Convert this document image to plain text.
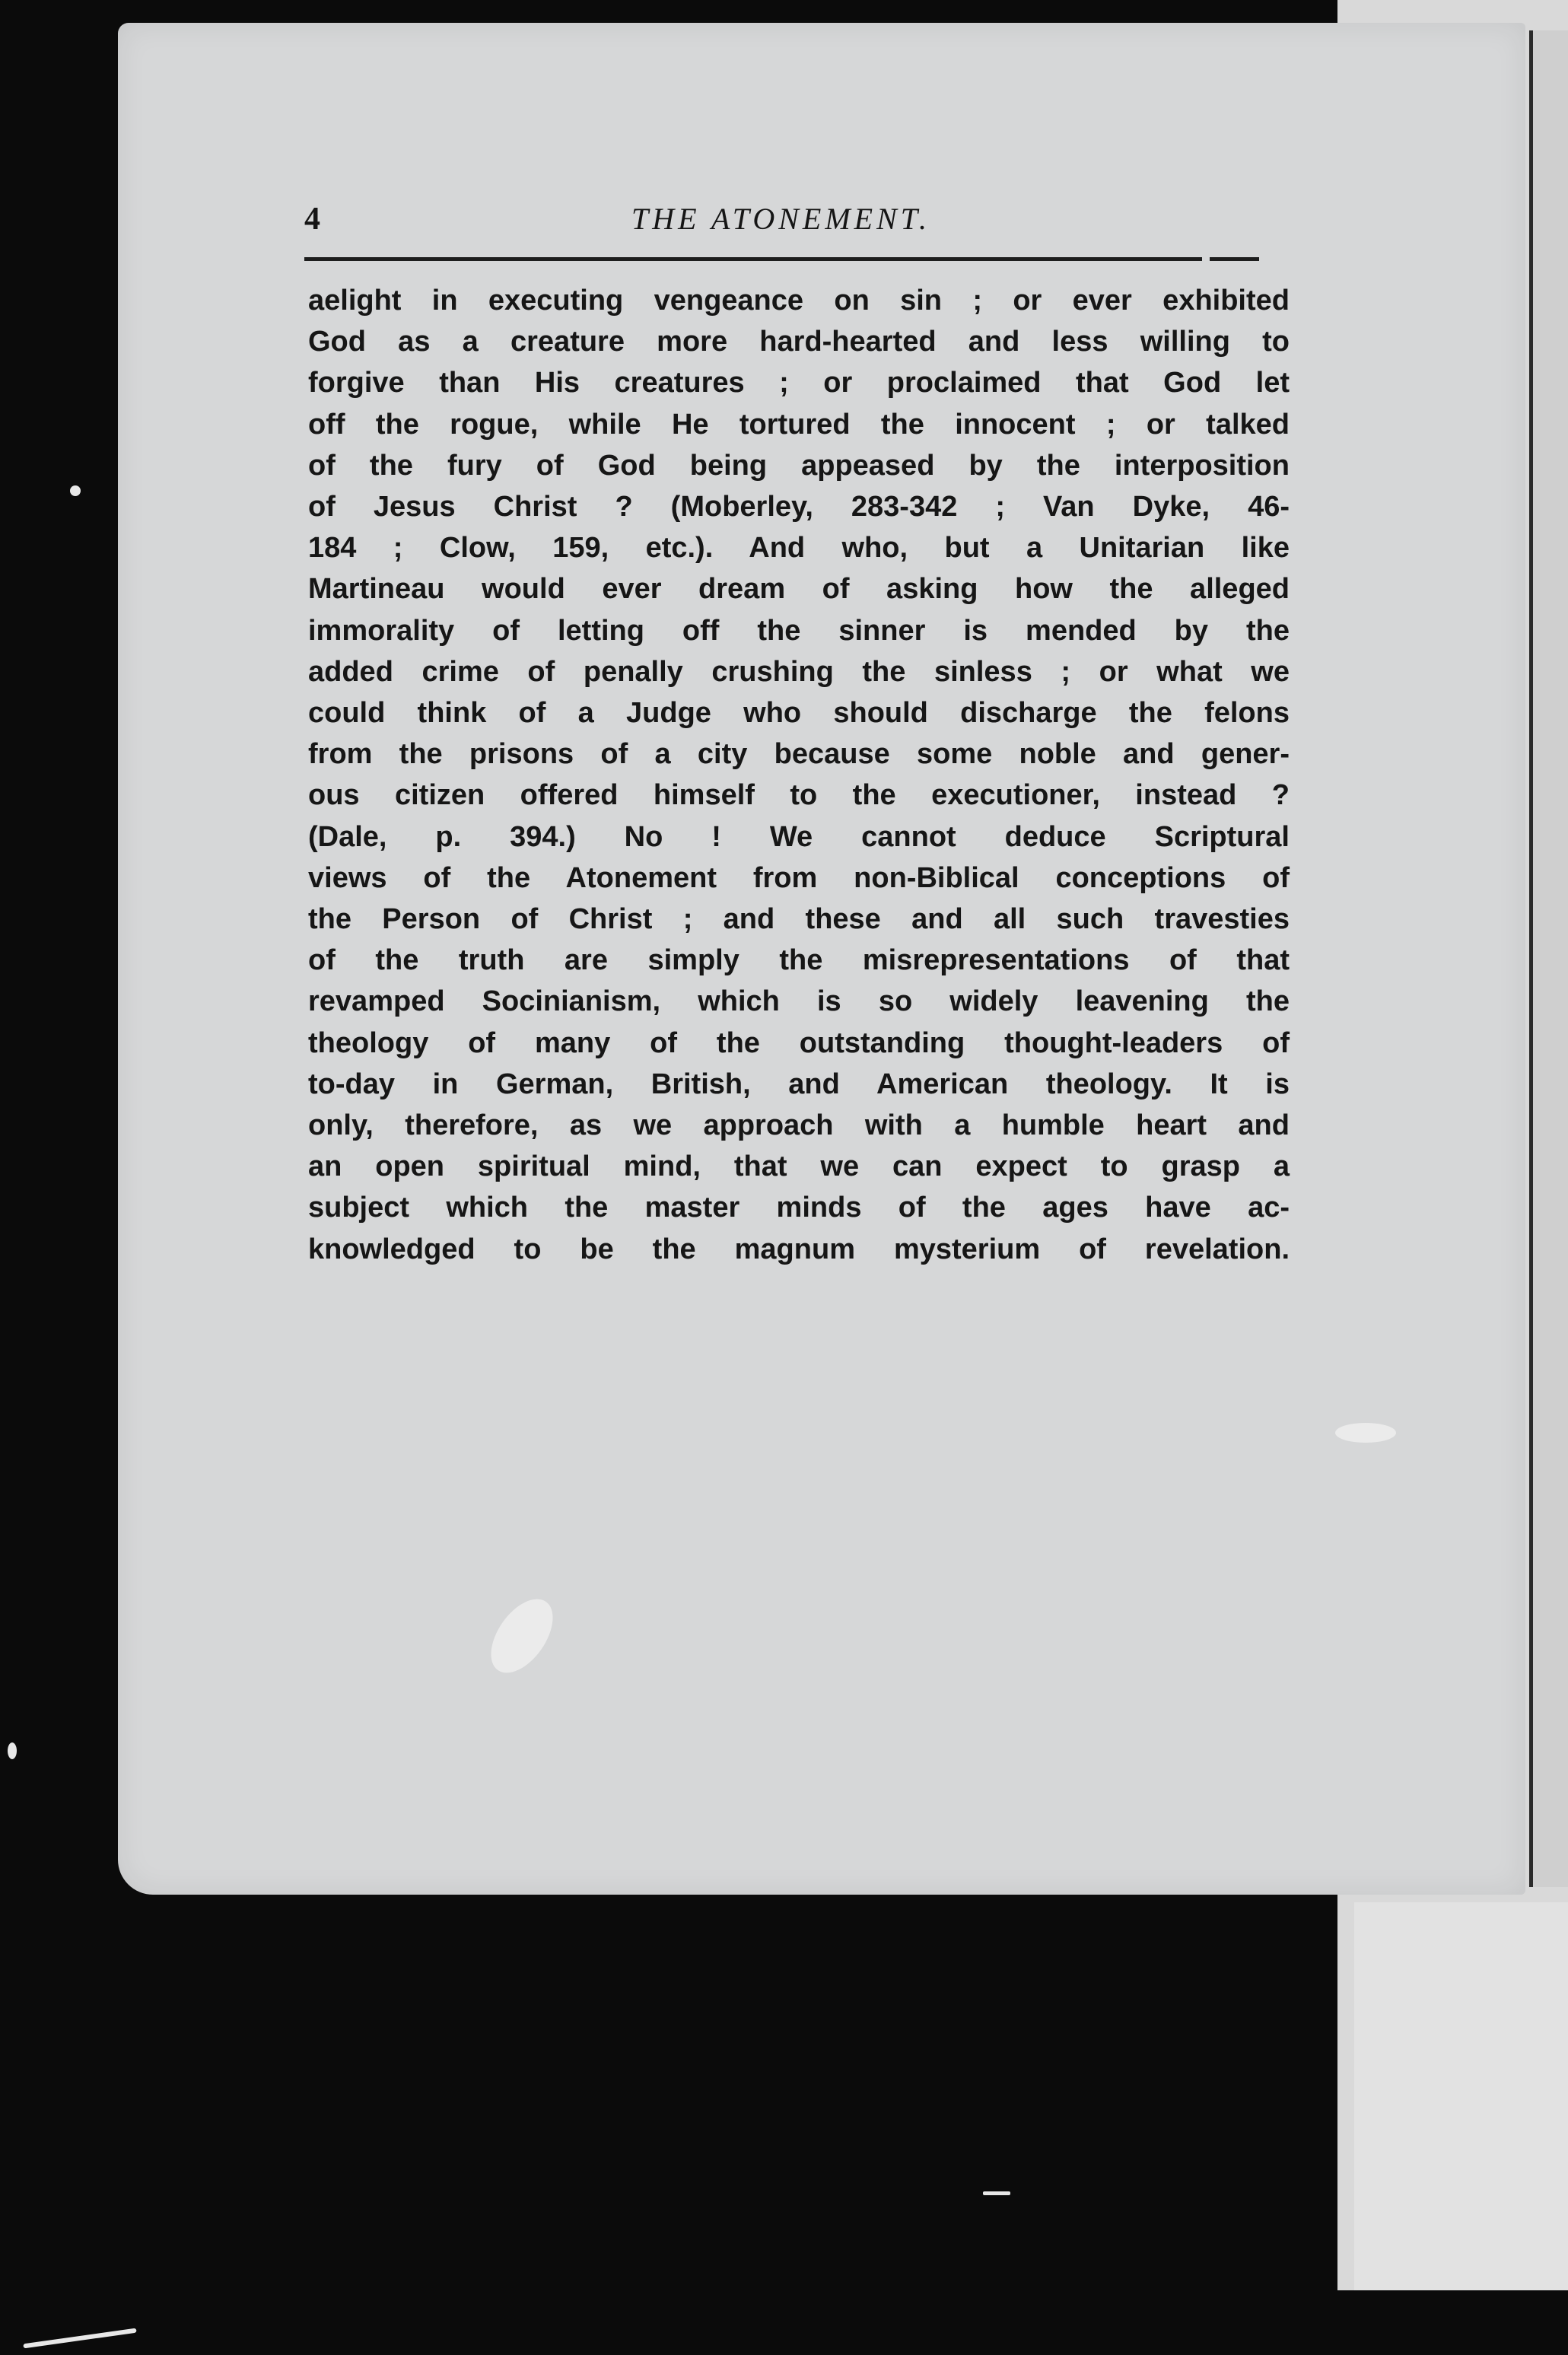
4	THE ATONEMENT.
aelight in executing vengeance on sin ; or ever exhibited
God as a creature more hard-hearted and less willing to
forgive than His creatures ; or proclaimed that God let
off the rogue, while He tortured the innocent ; or talked
of the fury of God being appeased by the interposition
of Jesus Christ ? (Moberley, 283-342 ; Van Dyke, 46-
184 ; Clow, 159, etc.). And who, but a Unitarian like
Martineau would ever dream of asking how the alleged
immorality of letting off the sinner is mended by the
added crime of penally crushing the sinless ; or what we
could think of a Judge who should discharge the felons
from the prisons of a city because some noble and gener-
ous citizen offered himself to the executioner, instead ?
(Dale, p. 394.) No ! We cannot deduce Scriptural
views of the Atonement from non-Biblical conceptions of
the Person of Christ ; and these and all such travesties
of the truth are simply the misrepresentations of that
revamped Socinianism, which is so widely leavening the
theology of many of the outstanding thought-leaders of
to-day in German, British, and American theology. It is
only, therefore, as we approach with a humble heart and
an open spiritual mind, that we can expect to grasp a
subject which the master minds of the ages have ac-
knowledged to be the magnum mysterium of revelation.
